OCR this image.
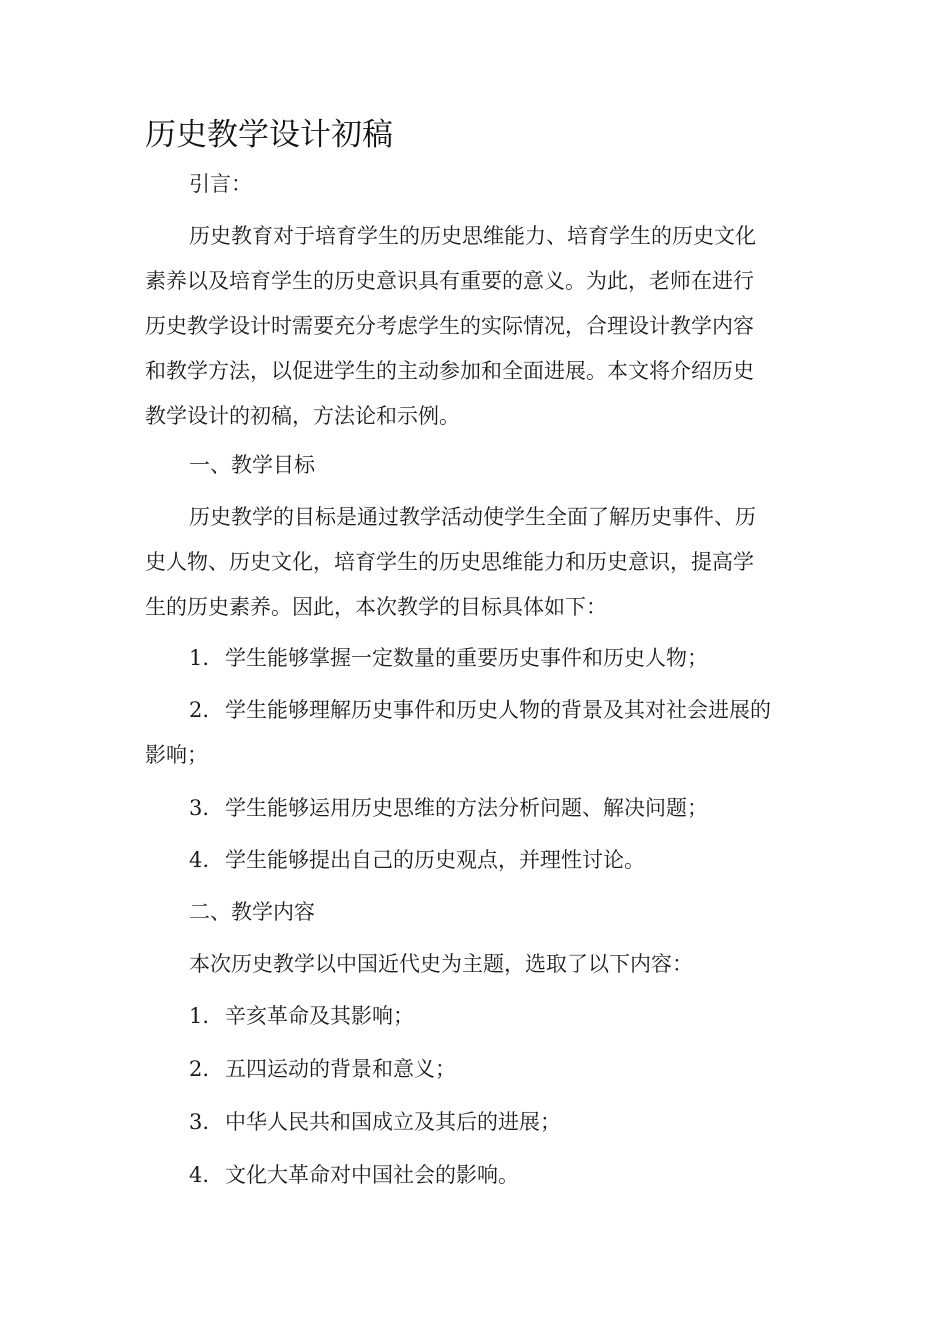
历史教学设计初稿
引言：
历史教育对于培育学生的历史思维能力、培育学生的历史文化
素养以及培育学生的历史意识具有重要的意义。为此，老师在进行
历史教学设计时需要充分考虑学生的实际情况，合理设计教学内容
和教学方法，以促进学生的主动参加和全面进展。本文将介绍历史
教学设计的初稿，方法论和示例。
一、教学目标
历史教学的目标是通过教学活动使学生全面了解历史事件、历
史人物、历史文化，培育学生的历史思维能力和历史意识，提高学
生的历史素养。因此，本次教学的目标具体如下：
1. 学生能够掌握一定数量的重要历史事件和历史人物；
2. 学生能够理解历史事件和历史人物的背景及其对社会进展的
影响；
3. 学生能够运用历史思维的方法分析问题、解决问题；
4. 学生能够提出自己的历史观点，并理性讨论。
二、教学内容
本次历史教学以中国近代史为主题，选取了以下内容：
1. 辛亥革命及其影响；
2. 五四运动的背景和意义；
3. 中华人民共和国成立及其后的进展；
4. 文化大革命对中国社会的影响。
